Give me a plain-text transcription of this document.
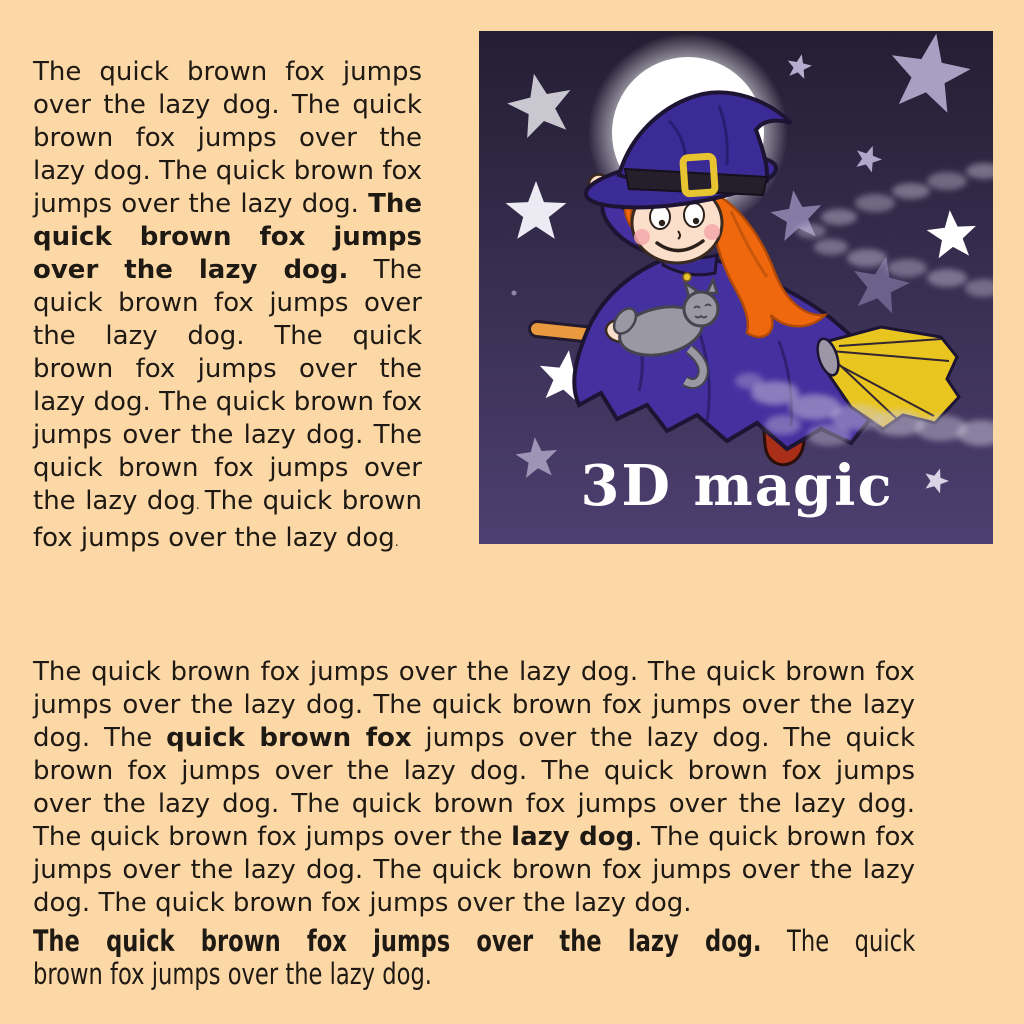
The quick brown fox jumps over the lazy dog. The quick brown fox jumps over the lazy dog. The quick brown fox jumps over the lazy dog. The quick brown fox jumps over the lazy dog. The quick brown fox jumps over the lazy dog. The quick brown fox jumps over the lazy dog. The quick brown fox jumps over the lazy dog. The quick brown fox jumps over the lazy dog. The quick brown fox jumps over the lazy dog.

3D magic

The quick brown fox jumps over the lazy dog. The quick brown fox jumps over the lazy dog. The quick brown fox jumps over the lazy dog. The quick brown fox jumps over the lazy dog. The quick brown fox jumps over the lazy dog. The quick brown fox jumps over the lazy dog. The quick brown fox jumps over the lazy dog. The quick brown fox jumps over the lazy dog. The quick brown fox jumps over the lazy dog. The quick brown fox jumps over the lazy dog. The quick brown fox jumps over the lazy dog.

The quick brown fox jumps over the lazy dog. The quick
brown fox jumps over the lazy dog.
